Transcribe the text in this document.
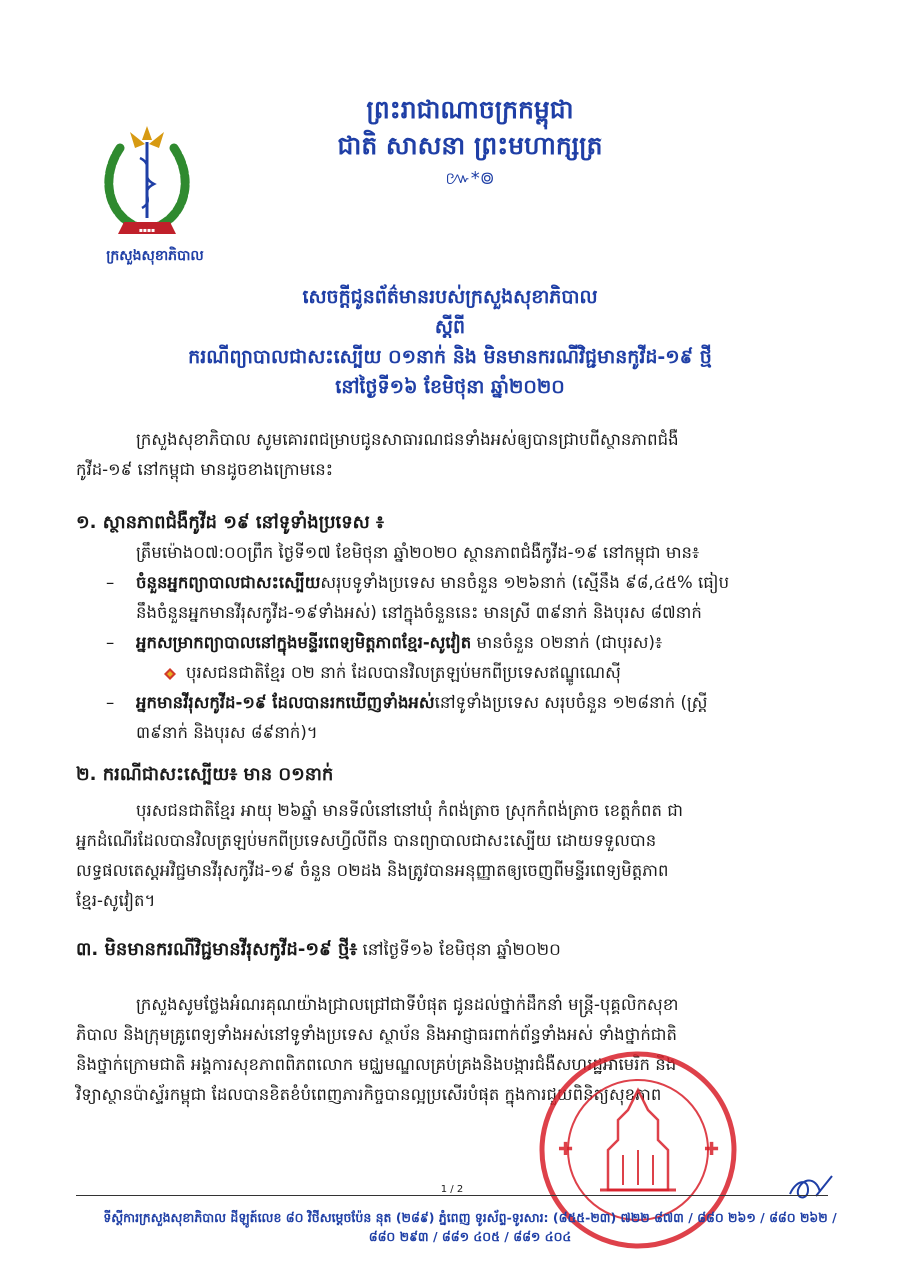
ព្រះរាជាណាចក្រកម្ពុជា
ជាតិ សាសនា ព្រះមហាក្សត្រ
៚*៙
▪▪▪▪
ក្រសួងសុខាភិបាល
សេចក្តីជូនព័ត៌មានរបស់ក្រសួងសុខាភិបាល
ស្តីពី
ករណីព្យាបាលជាសះស្បើយ ០១នាក់ និង មិនមានករណីវិជ្ជមានកូវីដ-១៩ ថ្មី
នៅថ្ងៃទី១៦ ខែមិថុនា ឆ្នាំ២០២០
ក្រសួងសុខាភិបាល សូមគោរពជម្រាបជូនសាធារណជនទាំងអស់ឲ្យបានជ្រាបពីស្ថានភាពជំងឺ
កូវីដ-១៩ នៅកម្ពុជា មានដូចខាងក្រោមនេះ
១. ស្ថានភាពជំងឺកូវីដ ១៩ នៅទូទាំងប្រទេស ៖
ត្រឹមម៉ោង០៧:០០ព្រឹក ថ្ងៃទី១៧ ខែមិថុនា ឆ្នាំ២០២០ ស្ថានភាពជំងឺកូវីដ-១៩ នៅកម្ពុជា មាន៖
– ចំនួនអ្នកព្យាបាលជាសះស្បើយសរុបទូទាំងប្រទេស មានចំនួន ១២៦នាក់ (ស្មើនឹង ៩៨,៤៥% ធៀប
នឹងចំនួនអ្នកមានវីរុសកូវីដ-១៩ទាំងអស់) នៅក្នុងចំនួននេះ មានស្រី ៣៩នាក់ និងបុរស ៨៧នាក់
– អ្នកសម្រាកព្យាបាលនៅក្នុងមន្ទីរពេទ្យមិត្តភាពខ្មែរ-សូវៀត មានចំនួន ០២នាក់ (ជាបុរស)៖
បុរសជនជាតិខ្មែរ ០២ នាក់ ដែលបានវិលត្រឡប់មកពីប្រទេសឥណ្ឌូណេស៊ី
– អ្នកមានវីរុសកូវីដ-១៩ ដែលបានរកឃើញទាំងអស់នៅទូទាំងប្រទេស សរុបចំនួន ១២៨នាក់ (ស្ត្រី
៣៩នាក់ និងបុរស ៨៩នាក់)។
២. ករណីជាសះស្បើយ៖ មាន ០១នាក់
បុរសជនជាតិខ្មែរ អាយុ ២៦ឆ្នាំ មានទីលំនៅនៅឃុំ កំពង់ត្រាច ស្រុកកំពង់ត្រាច ខេត្តកំពត ជា
អ្នកដំណើរដែលបានវិលត្រឡប់មកពីប្រទេសហ្វីលីពីន បានព្យាបាលជាសះស្បើយ ដោយទទួលបាន
លទ្ធផលតេស្តអវិជ្ជមានវីរុសកូវីដ-១៩ ចំនួន ០២ដង និងត្រូវបានអនុញ្ញាតឲ្យចេញពីមន្ទីរពេទ្យមិត្តភាព
ខ្មែរ-សូវៀត។
៣. មិនមានករណីវិជ្ជមានវីរុសកូវីដ-១៩ ថ្មី៖ នៅថ្ងៃទី១៦ ខែមិថុនា ឆ្នាំ២០២០
ក្រសួងសូមថ្លែងអំណរគុណយ៉ាងជ្រាលជ្រៅជាទីបំផុត ជូនដល់ថ្នាក់ដឹកនាំ មន្ត្រី-បុគ្គលិកសុខា
ភិបាល និងក្រុមគ្រូពេទ្យទាំងអស់នៅទូទាំងប្រទេស ស្ថាប័ន និងអាជ្ញាធរពាក់ព័ន្ធទាំងអស់ ទាំងថ្នាក់ជាតិ
និងថ្នាក់ក្រោមជាតិ អង្គការសុខភាពពិភពលោក មជ្ឈមណ្ឌលគ្រប់គ្រងនិងបង្ការជំងឺសហរដ្ឋអាមេរិក និង
វិទ្យាស្ថានប៉ាស្ទ័រកម្ពុជា ដែលបានខិតខំបំពេញភារកិច្ចបានល្អប្រសើរបំផុត ក្នុងការជួយពិនិត្យសុខភាព
✚	✚
1 / 2
ទីស្តីការក្រសួងសុខាភិបាល ដីឡូត៍លេខ ៨០ វិថីសម្តេចប៉ែន នុត (២៨៩) ភ្នំពេញ ទូរស័ព្ទ-ទូរសារ: (៨៥៥-២៣) ៧២២ ៨៧៣ / ៨៨០ ២៦១ / ៨៨០ ២៦២ / ៨៨០ ២៩៣ / ៨៨១ ៤០៥ / ៨៨១ ៤០៤
